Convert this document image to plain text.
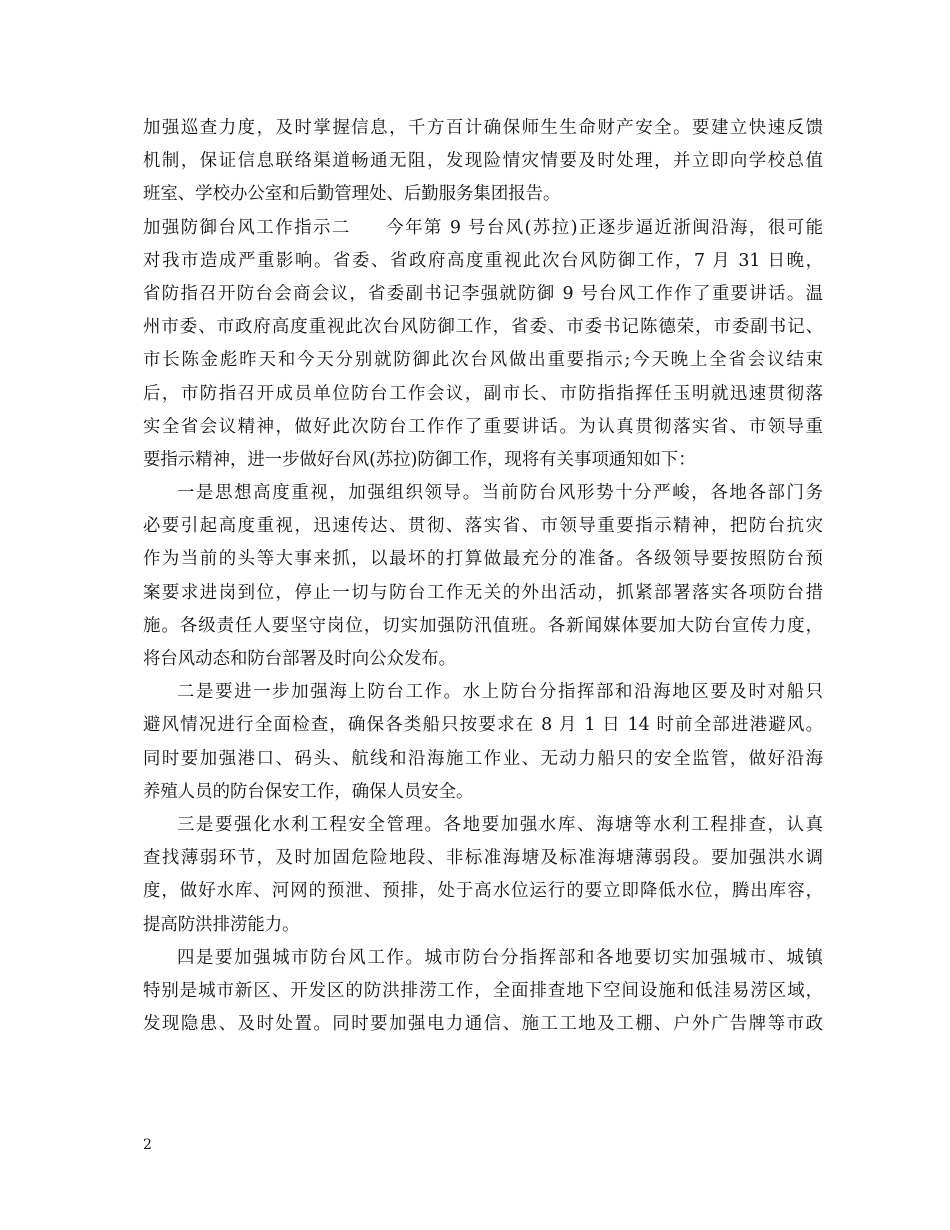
加强巡查力度，及时掌握信息，千方百计确保师生生命财产安全。要建立快速反馈
机制，保证信息联络渠道畅通无阻，发现险情灾情要及时处理，并立即向学校总值
班室、学校办公室和后勤管理处、后勤服务集团报告。
加强防御台风工作指示二 今年第 9 号台风(苏拉)正逐步逼近浙闽沿海，很可能
对我市造成严重影响。省委、省政府高度重视此次台风防御工作，7 月 31 日晚，
省防指召开防台会商会议，省委副书记李强就防御 9 号台风工作作了重要讲话。温
州市委、市政府高度重视此次台风防御工作，省委、市委书记陈德荣，市委副书记、
市长陈金彪昨天和今天分别就防御此次台风做出重要指示;今天晚上全省会议结束
后，市防指召开成员单位防台工作会议，副市长、市防指指挥任玉明就迅速贯彻落
实全省会议精神，做好此次防台工作作了重要讲话。为认真贯彻落实省、市领导重
要指示精神，进一步做好台风(苏拉)防御工作，现将有关事项通知如下：
一是思想高度重视，加强组织领导。当前防台风形势十分严峻，各地各部门务
必要引起高度重视，迅速传达、贯彻、落实省、市领导重要指示精神，把防台抗灾
作为当前的头等大事来抓，以最坏的打算做最充分的准备。各级领导要按照防台预
案要求进岗到位，停止一切与防台工作无关的外出活动，抓紧部署落实各项防台措
施。各级责任人要坚守岗位，切实加强防汛值班。各新闻媒体要加大防台宣传力度，
将台风动态和防台部署及时向公众发布。
二是要进一步加强海上防台工作。水上防台分指挥部和沿海地区要及时对船只
避风情况进行全面检查，确保各类船只按要求在 8 月 1 日 14 时前全部进港避风。
同时要加强港口、码头、航线和沿海施工作业、无动力船只的安全监管，做好沿海
养殖人员的防台保安工作，确保人员安全。
三是要强化水利工程安全管理。各地要加强水库、海塘等水利工程排查，认真
查找薄弱环节，及时加固危险地段、非标准海塘及标准海塘薄弱段。要加强洪水调
度，做好水库、河网的预泄、预排，处于高水位运行的要立即降低水位，腾出库容，
提高防洪排涝能力。
四是要加强城市防台风工作。城市防台分指挥部和各地要切实加强城市、城镇
特别是城市新区、开发区的防洪排涝工作，全面排查地下空间设施和低洼易涝区域，
发现隐患、及时处置。同时要加强电力通信、施工工地及工棚、户外广告牌等市政
2
